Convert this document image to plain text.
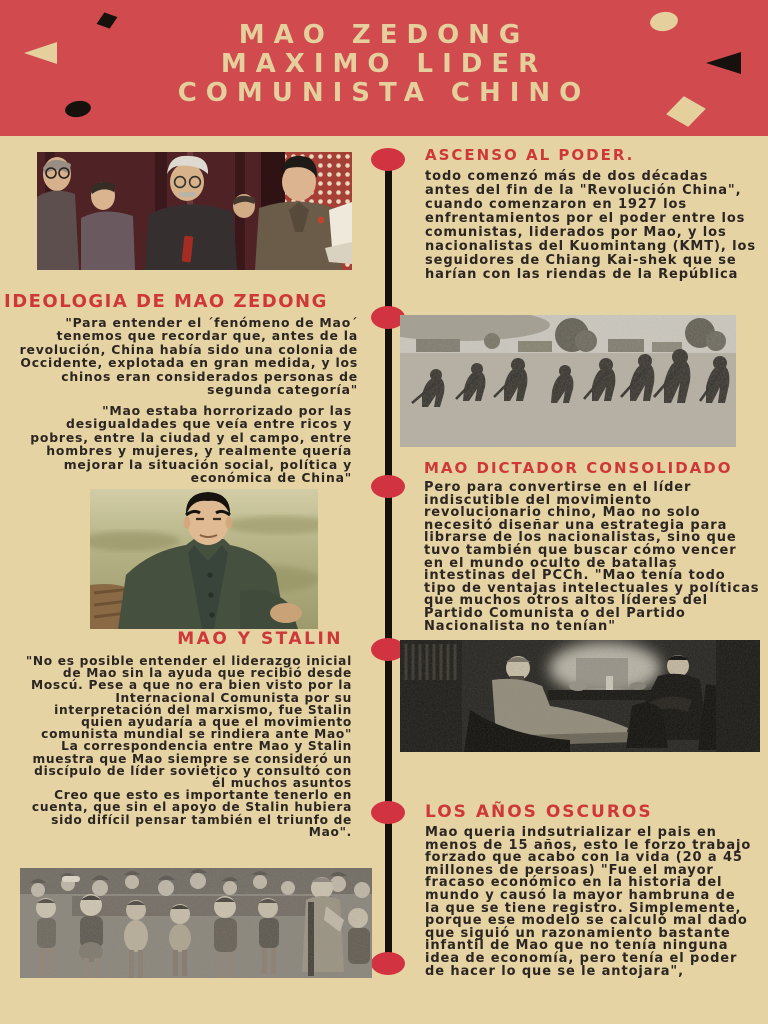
MAO ZEDONG
MAXIMO LIDER
COMUNISTA CHINO
IDEOLOGIA DE MAO ZEDONG
"Para entender el ´fenómeno de Mao´ tenemos que recordar que, antes de la revolución, China había sido una colonia de Occidente, explotada en gran medida, y los chinos eran considerados personas de segunda categoría"
"Mao estaba horrorizado por las desigualdades que veía entre ricos y pobres, entre la ciudad y el campo, entre hombres y mujeres, y realmente quería mejorar la situación social, política y económica de China"
MAO Y STALIN

"No es posible entender el liderazgo inicial de Mao sin la ayuda que recibió desde Moscú. Pese a que no era bien visto por la Internacional Comunista por su interpretación del marxismo, fue Stalin quien ayudaría a que el movimiento comunista mundial se rindiera ante Mao"

La correspondencia entre Mao y Stalin muestra que Mao siempre se consideró un discípulo de líder soviético y consultó con él muchos asuntos

Creo que esto es importante tenerlo en cuenta, que sin el apoyo de Stalin hubiera sido difícil pensar también el triunfo de Mao".

ASCENSO AL PODER.
todo comenzó más de dos décadas antes del fin de la "Revolución China", cuando comenzaron en 1927 los enfrentamientos por el poder entre los comunistas, liderados por Mao, y los nacionalistas del Kuomintang (KMT), los seguidores de Chiang Kai-shek que se harían con las riendas de la República
MAO DICTADOR CONSOLIDADO
Pero para convertirse en el líder indiscutible del movimiento revolucionario chino, Mao no solo necesitó diseñar una estrategia para librarse de los nacionalistas, sino que tuvo también que buscar cómo vencer en el mundo oculto de batallas intestinas del PCCh. "Mao tenía todo tipo de ventajas intelectuales y políticas que muchos otros altos líderes del Partido Comunista o del Partido Nacionalista no tenían"
LOS AÑOS OSCUROS
Mao queria indsutrializar el pais en menos de 15 años, esto le forzo trabajo forzado que acabo con la vida (20 a 45 millones de persoas) "Fue el mayor fracaso económico en la historia del mundo y causó la mayor hambruna de la que se tiene registro. Simplemente, porque ese modelo se calculó mal dado que siguió un razonamiento bastante infantil de Mao que no tenía ninguna idea de economía, pero tenía el poder de hacer lo que se le antojara",
